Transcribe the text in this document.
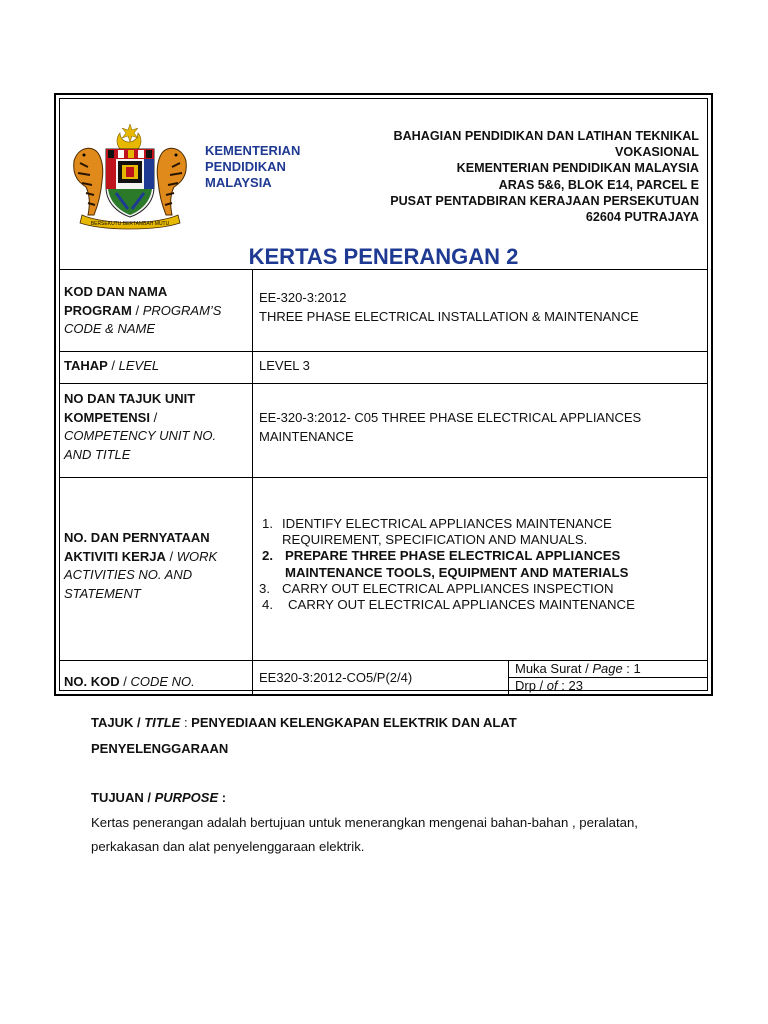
BERSEKUTU BERTAMBAH MUTU
KEMENTERIAN
PENDIDIKAN
MALAYSIA
BAHAGIAN PENDIDIKAN DAN LATIHAN TEKNIKAL
VOKASIONAL
KEMENTERIAN PENDIDIKAN MALAYSIA
ARAS 5&6, BLOK E14, PARCEL E
PUSAT PENTADBIRAN KERAJAAN PERSEKUTUAN
62604 PUTRAJAYA
KERTAS PENERANGAN 2
KOD DAN NAMA
PROGRAM / PROGRAM’S
CODE & NAME
EE-320-3:2012
THREE PHASE ELECTRICAL INSTALLATION & MAINTENANCE
TAHAP / LEVEL	LEVEL 3
NO DAN TAJUK UNIT
KOMPETENSI /
COMPETENCY UNIT NO.
AND TITLE
EE-320-3:2012- C05 THREE PHASE ELECTRICAL APPLIANCES
MAINTENANCE
NO. DAN PERNYATAAN
AKTIVITI KERJA / WORK
ACTIVITIES NO. AND
STATEMENT
1. IDENTIFY ELECTRICAL APPLIANCES MAINTENANCE
REQUIREMENT, SPECIFICATION AND MANUALS.
2. PREPARE THREE PHASE ELECTRICAL APPLIANCES
MAINTENANCE TOOLS, EQUIPMENT AND MATERIALS
3. CARRY OUT ELECTRICAL APPLIANCES INSPECTION
4. CARRY OUT ELECTRICAL APPLIANCES MAINTENANCE
NO. KOD / CODE NO.	EE320-3:2012-CO5/P(2/4)
Muka Surat / Page : 1
Drp / of : 23
TAJUK / TITLE : PENYEDIAAN KELENGKAPAN ELEKTRIK DAN ALAT
PENYELENGGARAAN
TUJUAN / PURPOSE :
Kertas penerangan adalah bertujuan untuk menerangkan mengenai bahan-bahan , peralatan,
perkakasan dan alat penyelenggaraan elektrik.
